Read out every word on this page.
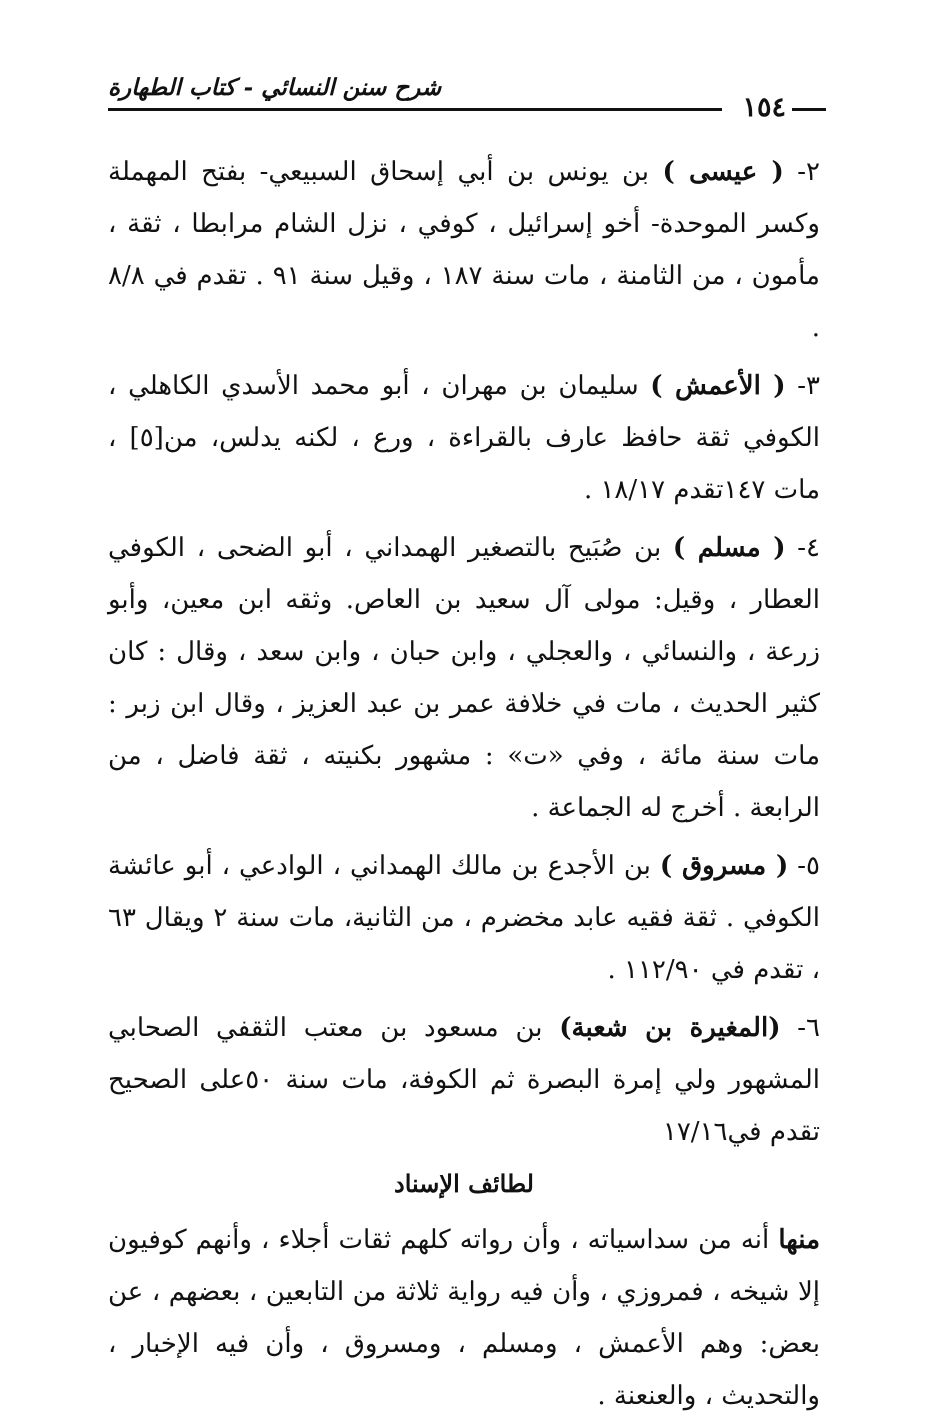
شرح سنن النسائي - كتاب الطهارة
١٥٤

٢- ( عيسى ) بن يونس بن أبي إسحاق السبيعي- بفتح المهملة وكسر الموحدة- أخو إسرائيل ، كوفي ، نزل الشام مرابطا ، ثقة ، مأمون ، من الثامنة ، مات سنة ١٨٧ ، وقيل سنة ٩١ . تقدم في ٨/٨ .

٣- ( الأعمش ) سليمان بن مهران ، أبو محمد الأسدي الكاهلي ، الكوفي ثقة حافظ عارف بالقراءة ، ورع ، لكنه يدلس، من[٥] ، مات ١٤٧تقدم ١٨/١٧ .

٤- ( مسلم ) بن صُبَيح بالتصغير الهمداني ، أبو الضحى ، الكوفي العطار ، وقيل: مولى آل سعيد بن العاص. وثقه ابن معين، وأبو زرعة ، والنسائي ، والعجلي ، وابن حبان ، وابن سعد ، وقال : كان كثير الحديث ، مات في خلافة عمر بن عبد العزيز ، وقال ابن زبر : مات سنة مائة ، وفي «ت» : مشهور بكنيته ، ثقة فاضل ، من الرابعة . أخرج له الجماعة .

٥- ( مسروق ) بن الأجدع بن مالك الهمداني ، الوادعي ، أبو عائشة الكوفي . ثقة فقيه عابد مخضرم ، من الثانية، مات سنة ٢ ويقال ٦٣ ، تقدم في ١١٢/٩٠ .

٦- (المغيرة بن شعبة) بن مسعود بن معتب الثقفي الصحابي المشهور ولي إمرة البصرة ثم الكوفة، مات سنة ٥٠على الصحيح تقدم في١٧/١٦

لطائف الإسناد

منها أنه من سداسياته ، وأن رواته كلهم ثقات أجلاء ، وأنهم كوفيون إلا شيخه ، فمروزي ، وأن فيه رواية ثلاثة من التابعين ، بعضهم ، عن بعض: وهم الأعمش ، ومسلم ، ومسروق ، وأن فيه الإخبار ، والتحديث ، والعنعنة .
